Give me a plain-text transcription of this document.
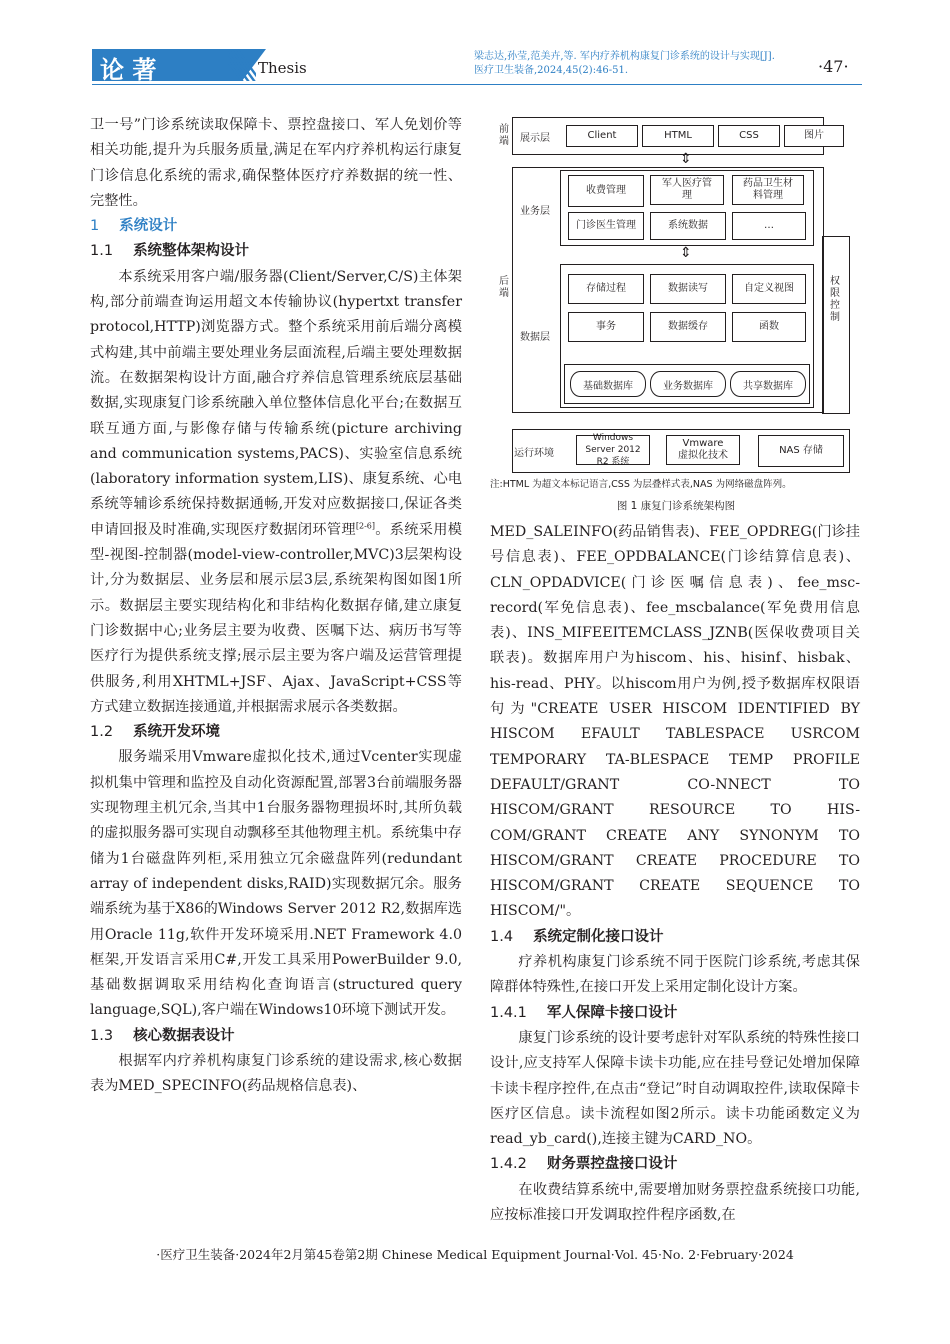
论 著	Thesis
梁志达,孙莹,范美卉,等. 军内疗养机构康复门诊系统的设计与实现[J].
医疗卫生装备,2024,45(2):46-51.	·47·

卫一号”门诊系统读取保障卡、票控盘接口、军人免划价等相关功能,提升为兵服务质量,满足在军内疗养机构运行康复门诊信息化系统的需求,确保整体医疗疗养数据的统一性、完整性。

1 系统设计
1.1 系统整体架构设计

本系统采用客户端/服务器(Client/Server,C/S)主体架构,部分前端查询运用超文本传输协议(hypertxt transfer protocol,HTTP)浏览器方式。整个系统采用前后端分离模式构建,其中前端主要处理业务层面流程,后端主要处理数据流。在数据架构设计方面,融合疗养信息管理系统底层基础数据,实现康复门诊系统融入单位整体信息化平台;在数据互联互通方面,与影像存储与传输系统(picture archiving and communication systems,PACS)、实验室信息系统(laboratory information system,LIS)、康复系统、心电系统等辅诊系统保持数据通畅,开发对应数据接口,保证各类申请回报及时准确,实现医疗数据闭环管理[2-6]。系统采用模型-视图-控制器(model-view-controller,MVC)3层架构设计,分为数据层、业务层和展示层3层,系统架构图如图1所示。数据层主要实现结构化和非结构化数据存储,建立康复门诊数据中心;业务层主要为收费、医嘱下达、病历书写等医疗行为提供系统支撑;展示层主要为客户端及运营管理提供服务,利用XHTML+JSF、Ajax、JavaScript+CSS等方式建立数据连接通道,并根据需求展示各类数据。

1.2 系统开发环境

服务端采用Vmware虚拟化技术,通过Vcenter实现虚拟机集中管理和监控及自动化资源配置,部署3台前端服务器实现物理主机冗余,当其中1台服务器物理损坏时,其所负载的虚拟服务器可实现自动飘移至其他物理主机。系统集中存储为1台磁盘阵列柜,采用独立冗余磁盘阵列(redundant array of independent disks,RAID)实现数据冗余。服务端系统为基于X86的Windows Server 2012 R2,数据库选用Oracle 11g,软件开发环境采用.NET Framework 4.0框架,开发语言采用C#,开发工具采用PowerBuilder 9.0,基础数据调取采用结构化查询语言(structured query language,SQL),客户端在Windows10环境下测试开发。

1.3 核心数据表设计

根据军内疗养机构康复门诊系统的建设需求,核心数据表为MED_SPECINFO(药品规格信息表)、

前端
后端
展示层	Client	HTML	CSS	图片
⇕
业务层
收费管理
军人医疗管理
药品卫生材料管理
门诊医生管理	系统数据	…
⇕
数据层
存储过程	数据读写	自定义视图
事务	数据缓存	函数
基础数据库	业务数据库	共享数据库
权限控制
运行环境
Windows Server 2012 R2 系统
Vmware 虚拟化技术	NAS 存储
注:HTML 为超文本标记语言,CSS 为层叠样式表,NAS 为网络磁盘阵列。
图 1 康复门诊系统架构图

MED_SALEINFO(药品销售表)、FEE_OPDREG(门诊挂号信息表)、FEE_OPDBALANCE(门诊结算信息表)、CLN_OPDADVICE(门诊医嘱信息表)、fee_msc-record(军免信息表)、fee_mscbalance(军免费用信息表)、INS_MIFEEITEMCLASS_JZNB(医保收费项目关联表)。数据库用户为hiscom、his、hisinf、hisbak、his-read、PHY。以hiscom用户为例,授予数据库权限语句为"CREATE USER HISCOM IDENTIFIED BY HISCOM EFAULT TABLESPACE USRCOM TEMPORARY TA-BLESPACE TEMP PROFILE DEFAULT/GRANT CO-NNECT TO HISCOM/GRANT RESOURCE TO HIS-COM/GRANT CREATE ANY SYNONYM TO HISCOM/GRANT CREATE PROCEDURE TO HISCOM/GRANT CREATE SEQUENCE TO HISCOM/"。

1.4 系统定制化接口设计

疗养机构康复门诊系统不同于医院门诊系统,考虑其保障群体特殊性,在接口开发上采用定制化设计方案。

1.4.1 军人保障卡接口设计

康复门诊系统的设计要考虑针对军队系统的特殊性接口设计,应支持军人保障卡读卡功能,应在挂号登记处增加保障卡读卡程序控件,在点击“登记”时自动调取控件,读取保障卡医疗区信息。读卡流程如图2所示。读卡功能函数定义为read_yb_card(),连接主键为CARD_NO。

1.4.2 财务票控盘接口设计

在收费结算系统中,需要增加财务票控盘系统接口功能,应按标准接口开发调取控件程序函数,在

·医疗卫生装备·2024年2月第45卷第2期 Chinese Medical Equipment Journal·Vol. 45·No. 2·February·2024
